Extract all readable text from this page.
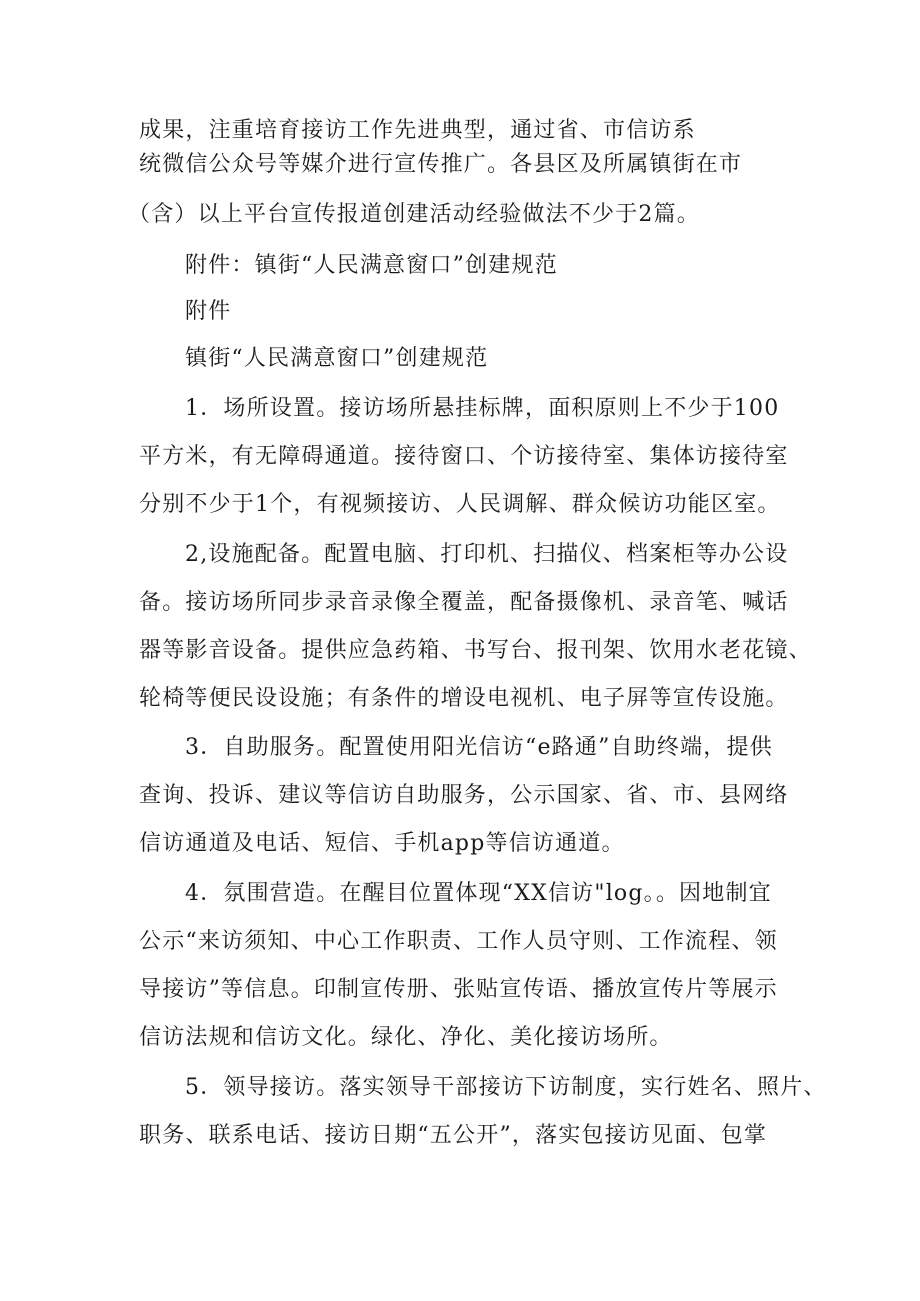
成果，注重培育接访工作先进典型，通过省、市信访系
统微信公众号等媒介进行宣传推广。各县区及所属镇街在市
（含）以上平台宣传报道创建活动经验做法不少于2篇。
附件：镇街“人民满意窗口”创建规范
附件
镇街“人民满意窗口”创建规范
1．场所设置。接访场所悬挂标牌，面积原则上不少于100
平方米，有无障碍通道。接待窗口、个访接待室、集体访接待室
分别不少于1个，有视频接访、人民调解、群众候访功能区室。
2,设施配备。配置电脑、打印机、扫描仪、档案柜等办公设
备。接访场所同步录音录像全覆盖，配备摄像机、录音笔、喊话
器等影音设备。提供应急药箱、书写台、报刊架、饮用水老花镜、
轮椅等便民设设施；有条件的增设电视机、电子屏等宣传设施。
3．自助服务。配置使用阳光信访“e路通”自助终端，提供
查询、投诉、建议等信访自助服务，公示国家、省、市、县网络
信访通道及电话、短信、手机app等信访通道。
4．氛围营造。在醒目位置体现“XX信访"log。。因地制宜
公示“来访须知、中心工作职责、工作人员守则、工作流程、领
导接访”等信息。印制宣传册、张贴宣传语、播放宣传片等展示
信访法规和信访文化。绿化、净化、美化接访场所。
5．领导接访。落实领导干部接访下访制度，实行姓名、照片、
职务、联系电话、接访日期“五公开”，落实包接访见面、包掌
